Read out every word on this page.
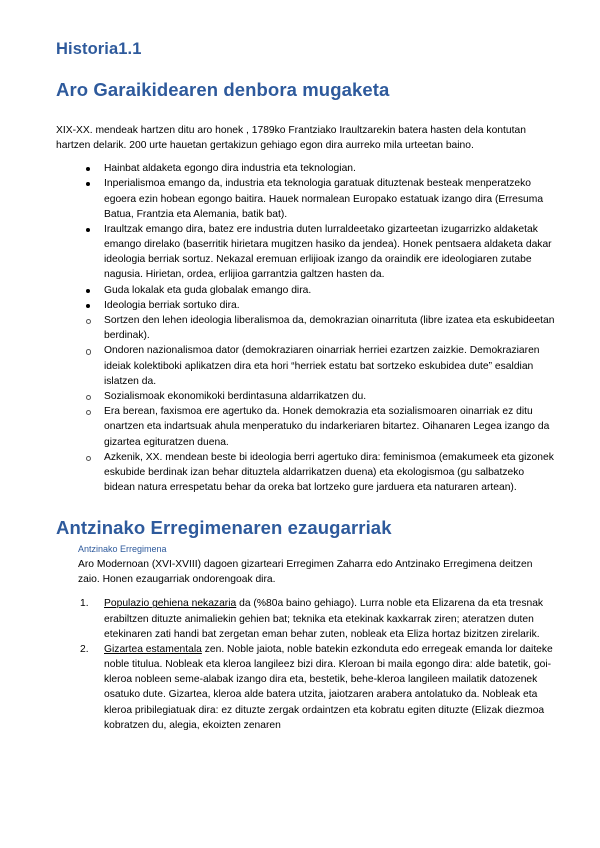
Historia1.1
Aro Garaikidearen denbora mugaketa

XIX-XX. mendeak hartzen ditu aro honek , 1789ko Frantziako Iraultzarekin batera hasten dela kontutan hartzen delarik. 200 urte hauetan gertakizun gehiago egon dira aurreko mila urteetan baino.

Hainbat aldaketa egongo dira industria eta teknologian.
Inperialismoa emango da, industria eta teknologia garatuak dituztenak besteak menperatzeko egoera ezin hobean egongo baitira. Hauek normalean Europako estatuak izango dira (Erresuma Batua, Frantzia eta Alemania, batik bat).
Iraultzak emango dira, batez ere industria duten lurraldeetako gizarteetan izugarrizko aldaketak emango direlako (baserritik hirietara mugitzen hasiko da jendea). Honek pentsaera aldaketa dakar ideologia berriak sortuz. Nekazal eremuan erlijioak izango da oraindik ere ideologiaren zutabe nagusia. Hirietan, ordea, erlijioa garrantzia galtzen hasten da.
Guda lokalak eta guda globalak emango dira.
Ideologia berriak sortuko dira.
Sortzen den lehen ideologia liberalismoa da, demokrazian oinarrituta (libre izatea eta eskubideetan berdinak).
Ondoren nazionalismoa dator (demokraziaren oinarriak herriei ezartzen zaizkie. Demokraziaren ideiak kolektiboki aplikatzen dira eta hori “herriek estatu bat sortzeko eskubidea dute” esaldian islatzen da.
Sozialismoak ekonomikoki berdintasuna aldarrikatzen du.
Era berean, faxismoa ere agertuko da. Honek demokrazia eta sozialismoaren oinarriak ez ditu onartzen eta indartsuak ahula menperatuko du indarkeriaren bitartez. Oihanaren Legea izango da gizartea egituratzen duena.
Azkenik, XX. mendean beste bi ideologia berri agertuko dira: feminismoa (emakumeek eta gizonek eskubide berdinak izan behar dituztela aldarrikatzen duena) eta ekologismoa (gu salbatzeko bidean natura errespetatu behar da oreka bat lortzeko gure jarduera eta naturaren artean).
Antzinako Erregimenaren ezaugarriak
Antzinako Erregimena

Aro Modernoan (XVI-XVIII) dagoen gizarteari Erregimen Zaharra edo Antzinako Erregimena deitzen zaio. Honen ezaugarriak ondorengoak dira.

Populazio gehiena nekazaria da (%80a baino gehiago). Lurra noble eta Elizarena da eta tresnak erabiltzen dituzte animaliekin gehien bat; teknika eta etekinak kaxkarrak ziren; ateratzen duten etekinaren zati handi bat zergetan eman behar zuten, nobleak eta Eliza hortaz bizitzen zirelarik.
Gizartea estamentala zen. Noble jaiota, noble batekin ezkonduta edo erregeak emanda lor daiteke noble titulua. Nobleak eta kleroa langileez bizi dira. Kleroan bi maila egongo dira: alde batetik, goi-kleroa nobleen seme-alabak izango dira eta, bestetik, behe-kleroa langileen mailatik datozenek osatuko dute. Gizartea, kleroa alde batera utzita, jaiotzaren arabera antolatuko da. Nobleak eta kleroa pribilegiatuak dira: ez dituzte zergak ordaintzen eta kobratu egiten dituzte (Elizak diezmoa kobratzen du, alegia, ekoizten zenaren
